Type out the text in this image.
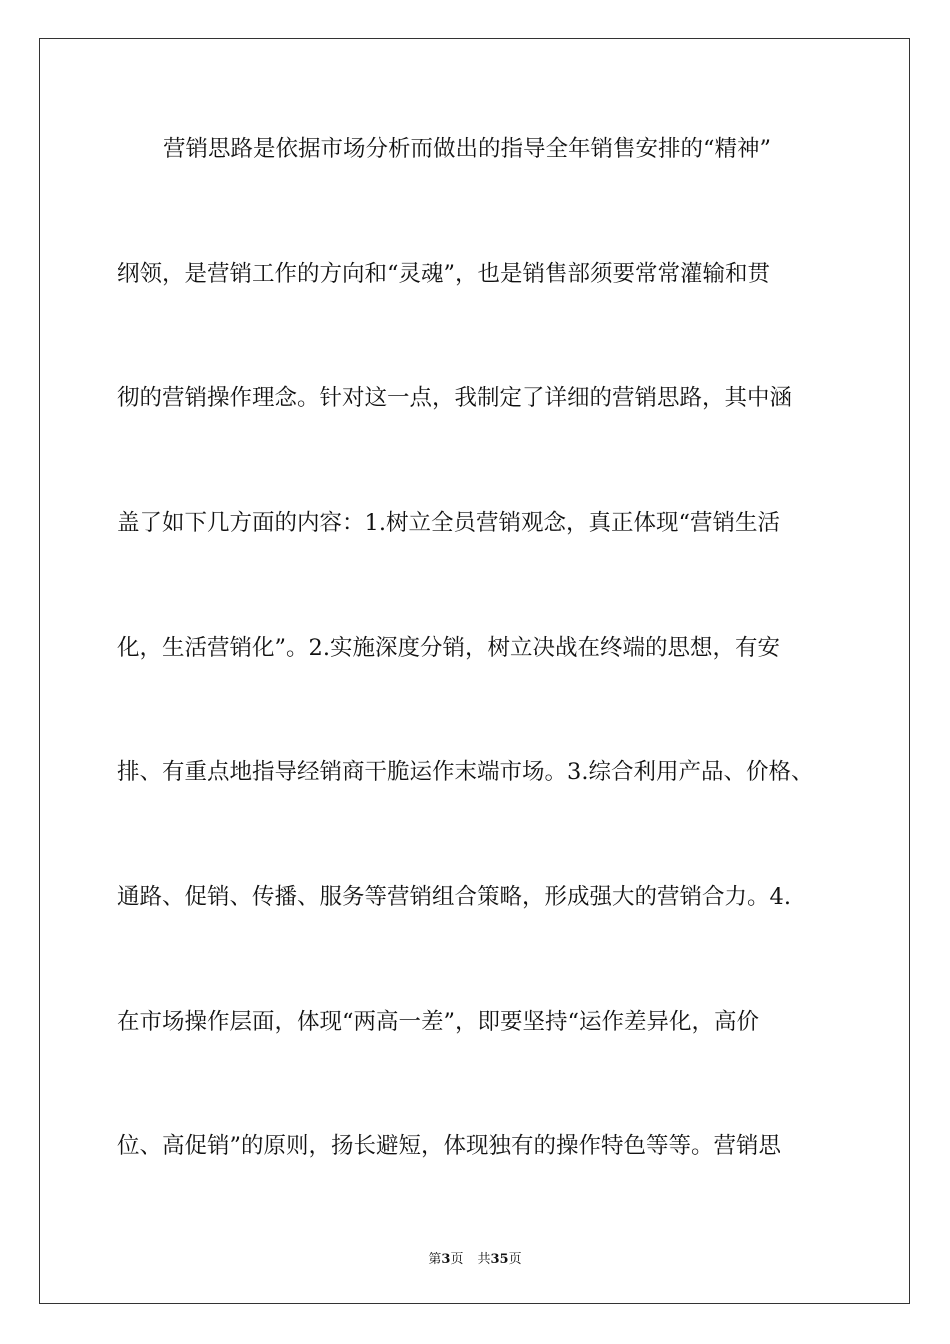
营销思路是依据市场分析而做出的指导全年销售安排的“精神”
纲领，是营销工作的方向和“灵魂”，也是销售部须要常常灌输和贯
彻的营销操作理念。针对这一点，我制定了详细的营销思路，其中涵
盖了如下几方面的内容：1.树立全员营销观念，真正体现“营销生活
化，生活营销化”。2.实施深度分销，树立决战在终端的思想，有安
排、有重点地指导经销商干脆运作末端市场。3.综合利用产品、价格、
通路、促销、传播、服务等营销组合策略，形成强大的营销合力。4.
在市场操作层面，体现“两高一差”，即要坚持“运作差异化，高价
位、高促销”的原则，扬长避短，体现独有的操作特色等等。营销思
第3页 共35页
